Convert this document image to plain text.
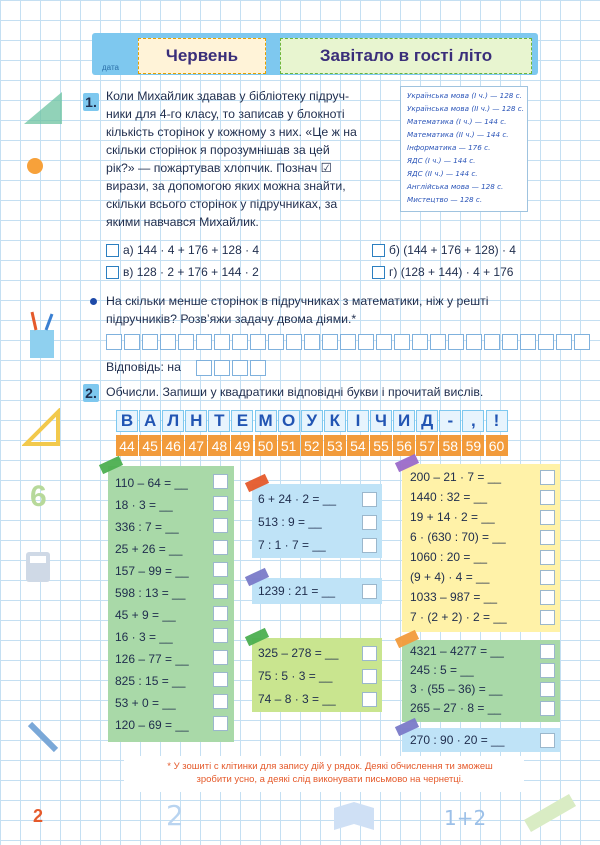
дата
Червень	Завітало в гості літо
6
2	1+2
1. Коли Михайлик здавав у бібліотеку підруч-
ники для 4-го класу, то записав у блокноті
кількість сторінок у кожному з них. «Це ж на
скільки сторінок я порозумнішав за цей
рік?» — пожартував хлопчик. Познач ☑
вирази, за допомогою яких можна знайти,
скільки всього сторінок у підручниках, за
якими навчався Михайлик.
Українська мова (І ч.) — 128 с.
Українська мова (ІІ ч.) — 128 с.
Математика (І ч.) — 144 с.
Математика (ІІ ч.) — 144 с.
Інформатика — 176 с.
ЯДС (І ч.) — 144 с.
ЯДС (ІІ ч.) — 144 с.
Англійська мова — 128 с.
Мистецтво — 128 с.
а) 144 · 4 + 176 + 128 · 4
в) 128 · 2 + 176 + 144 · 2
б) (144 + 176 + 128) · 4
г) (128 + 144) · 4 + 176
На скільки менше сторінок в підручниках з математики, ніж у решті
підручників? Розв’яжи задачу двома діями.*
Відповідь: на
2. Обчисли. Запиши у квадратики відповідні букви і прочитай вислів.
В А Л Н Т Е М О У К І Ч И Д -	,	!
44 45 46 47 48 49 50 51 52 53 54 55 56 57 58 59 60
110 – 64 = __
18 · 3 = __
336 : 7 = __
25 + 26 = __
157 – 99 = __
598 : 13 = __
45 + 9 = __
16 · 3 = __
126 – 77 = __
825 : 15 = __
53 + 0 = __
120 – 69 = __
6 + 24 · 2 = __
513 : 9 = __
7 : 1 · 7 = __
1239 : 21 = __
325 – 278 = __
75 : 5 · 3 = __
74 – 8 · 3 = __
200 – 21 · 7 = __
1440 : 32 = __
19 + 14 · 2 = __
6 · (630 : 70) = __
1060 : 20 = __
(9 + 4) · 4 = __
1033 – 987 = __
7 · (2 + 2) · 2 = __
4321 – 4277 = __
245 : 5 = __
3 · (55 – 36) = __
265 – 27 · 8 = __
270 : 90 · 20 = __
* У зошиті с клітинки для запису дій у рядок. Деякі обчислення ти зможеш
зробити усно, а деякі слід виконувати письмово на чернетці.
2
